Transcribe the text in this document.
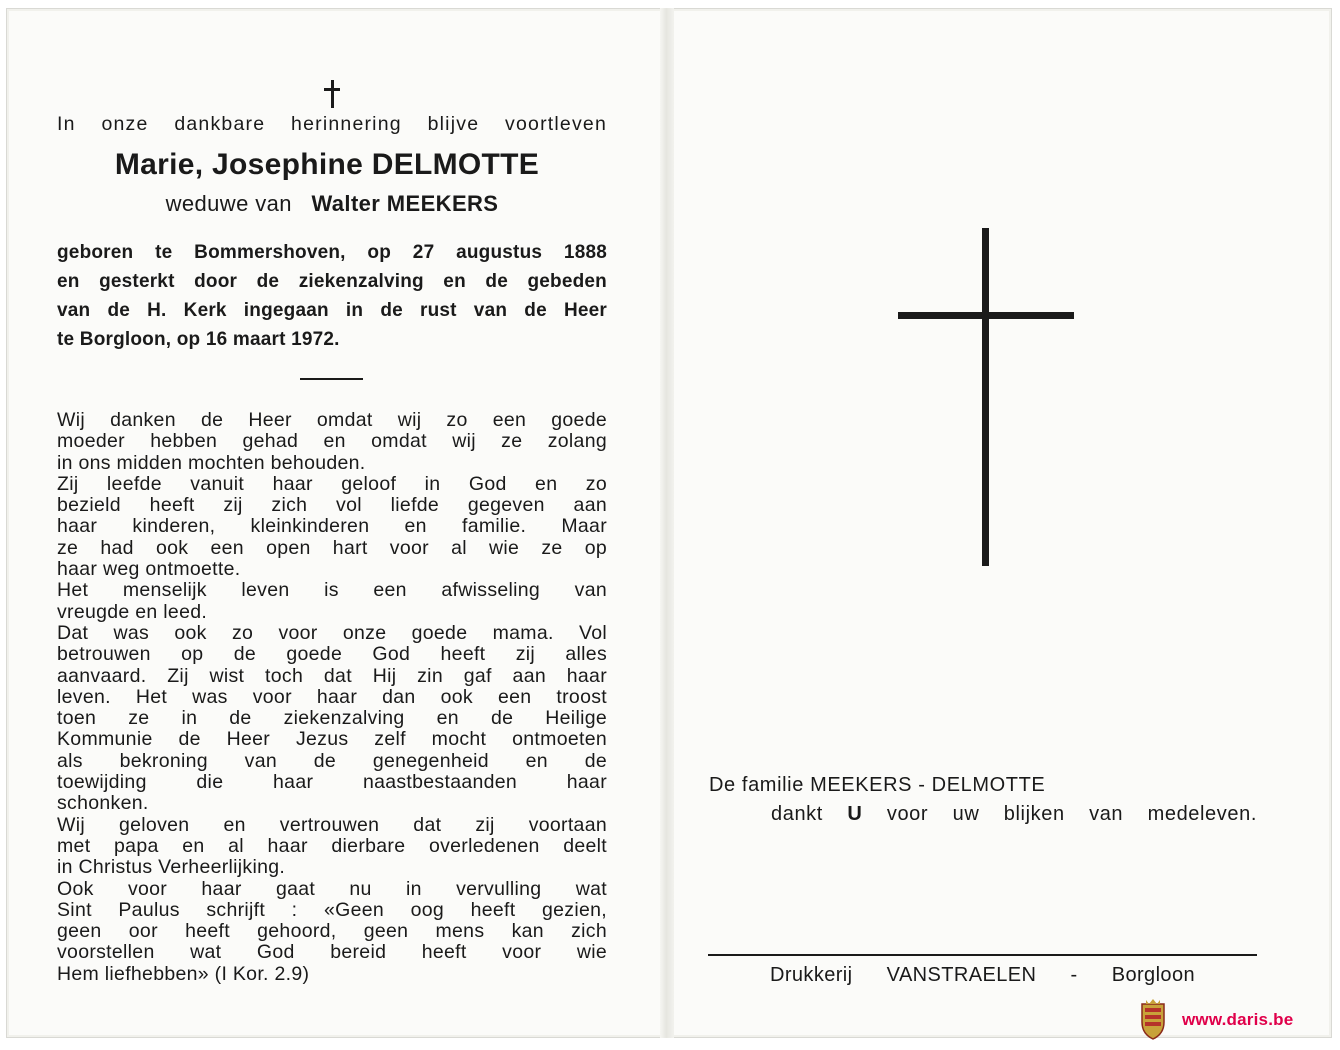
In onze dankbare herinnering blijve voortleven
Marie, Josephine DELMOTTE
weduwe van Walter MEEKERS
geboren te Bommershoven, op 27 augustus 1888
en gesterkt door de ziekenzalving en de gebeden
van de H. Kerk ingegaan in de rust van de Heer
te Borgloon, op 16 maart 1972.
Wij danken de Heer omdat wij zo een goede
moeder hebben gehad en omdat wij ze zolang
in ons midden mochten behouden.
Zij leefde vanuit haar geloof in God en zo
bezield heeft zij zich vol liefde gegeven aan
haar kinderen, kleinkinderen en familie. Maar
ze had ook een open hart voor al wie ze op
haar weg ontmoette.
Het menselijk leven is een afwisseling van
vreugde en leed.
Dat was ook zo voor onze goede mama. Vol
betrouwen op de goede God heeft zij alles
aanvaard. Zij wist toch dat Hij zin gaf aan haar
leven. Het was voor haar dan ook een troost
toen ze in de ziekenzalving en de Heilige
Kommunie de Heer Jezus zelf mocht ontmoeten
als bekroning van de genegenheid en de
toewijding die haar naastbestaanden haar
schonken.
Wij geloven en vertrouwen dat zij voortaan
met papa en al haar dierbare overledenen deelt
in Christus Verheerlijking.
Ook voor haar gaat nu in vervulling wat
Sint Paulus schrijft : «Geen oog heeft gezien,
geen oor heeft gehoord, geen mens kan zich
voorstellen wat God bereid heeft voor wie
Hem liefhebben» (I Kor. 2.9)
De familie MEEKERS - DELMOTTE
dankt U voor uw blijken van medeleven.
Drukkerij VANSTRAELEN - Borgloon
www.daris.be
